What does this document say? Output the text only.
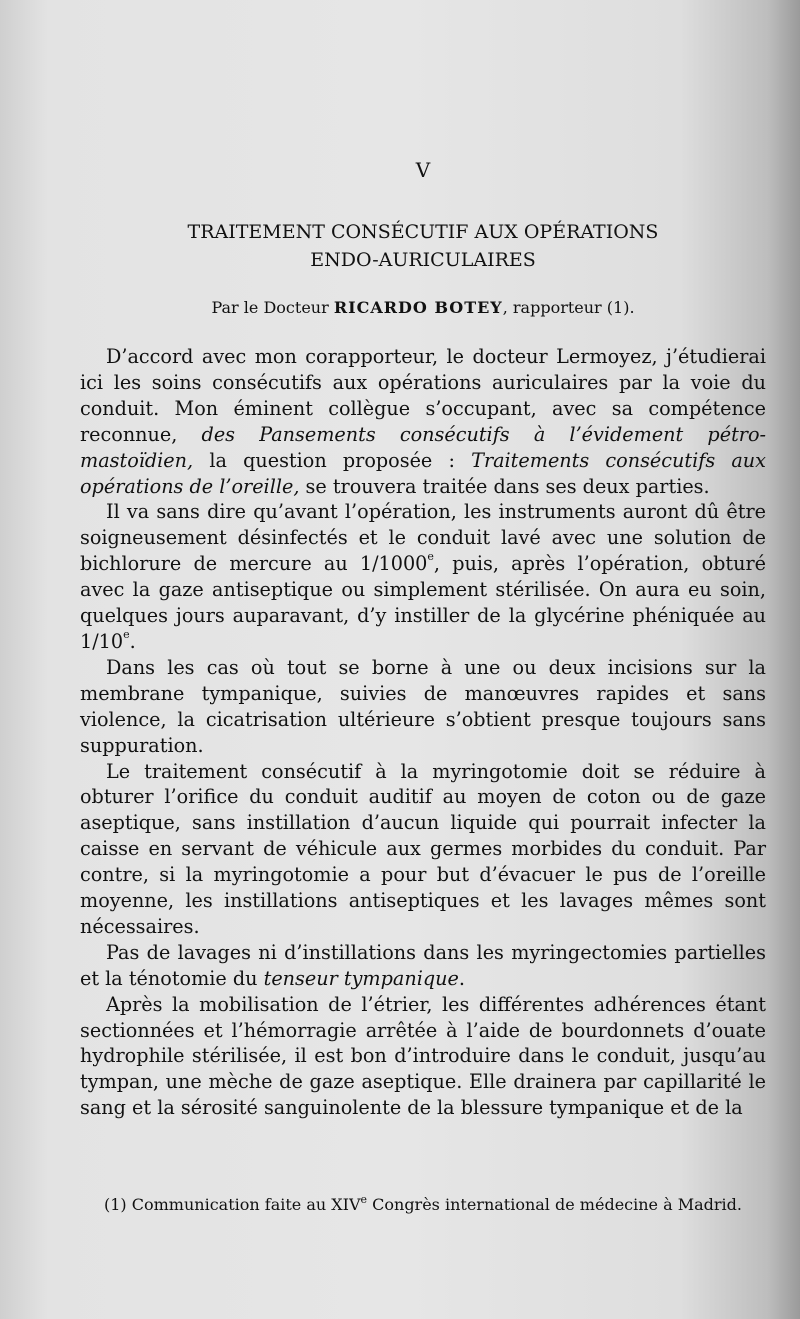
V
TRAITEMENT CONSÉCUTIF AUX OPÉRATIONS
ENDO-AURICULAIRES
Par le Docteur RICARDO BOTEY, rapporteur (1).

D’accord avec mon corapporteur, le docteur Lermoyez, j’étudierai ici les soins consécutifs aux opérations auriculaires par la voie du conduit. Mon éminent collègue s’occupant, avec sa compétence reconnue, des Pansements consécutifs à l’évidement pétro-mastoïdien, la question proposée : Traitements consécutifs aux opérations de l’oreille, se trouvera traitée dans ses deux parties.

Il va sans dire qu’avant l’opération, les instruments auront dû être soigneusement désinfectés et le conduit lavé avec une solution de bichlorure de mercure au 1/1000e, puis, après l’opération, obturé avec la gaze antiseptique ou simplement stérilisée. On aura eu soin, quelques jours auparavant, d’y instiller de la glycérine phéniquée au 1/10e.

Dans les cas où tout se borne à une ou deux incisions sur la membrane tympanique, suivies de manœuvres rapides et sans violence, la cicatrisation ultérieure s’obtient presque toujours sans suppuration.

Le traitement consécutif à la myringotomie doit se réduire à obturer l’orifice du conduit auditif au moyen de coton ou de gaze aseptique, sans instillation d’aucun liquide qui pourrait infecter la caisse en servant de véhicule aux germes morbides du conduit. Par contre, si la myringotomie a pour but d’évacuer le pus de l’oreille moyenne, les instillations antiseptiques et les lavages mêmes sont nécessaires.

Pas de lavages ni d’instillations dans les myringectomies partielles et la ténotomie du tenseur tympanique.

Après la mobilisation de l’étrier, les différentes adhérences étant sectionnées et l’hémorragie arrêtée à l’aide de bourdonnets d’ouate hydrophile stérilisée, il est bon d’introduire dans le conduit, jusqu’au tympan, une mèche de gaze aseptique. Elle drainera par capillarité le sang et la sérosité sanguinolente de la blessure tympanique et de la

(1) Communication faite au XIVe Congrès international de médecine à Madrid.
